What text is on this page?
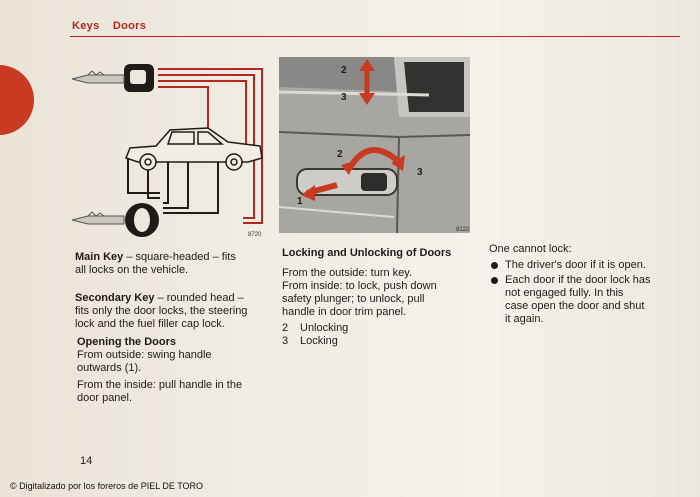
Keys Doors
8720
3
2
1
2
3
8122
Main Key – square-headed – fits
all locks on the vehicle.
Secondary Key – rounded head –
fits only the door locks, the steering
lock and the fuel filler cap lock.
Opening the Doors
From outside: swing handle
outwards (1).

From the inside: pull handle in the
door panel.
Locking and Unlocking of Doors

From the outside: turn key.
From inside: to lock, push down
safety plunger; to unlock, pull
handle in door trim panel.

2 Unlocking
3 Locking
One cannot lock:
The driver's door if it is open.
Each door if the door lock has
not engaged fully. In this
case open the door and shut
it again.
14
© Digitalizado por los foreros de PIEL DE TORO
